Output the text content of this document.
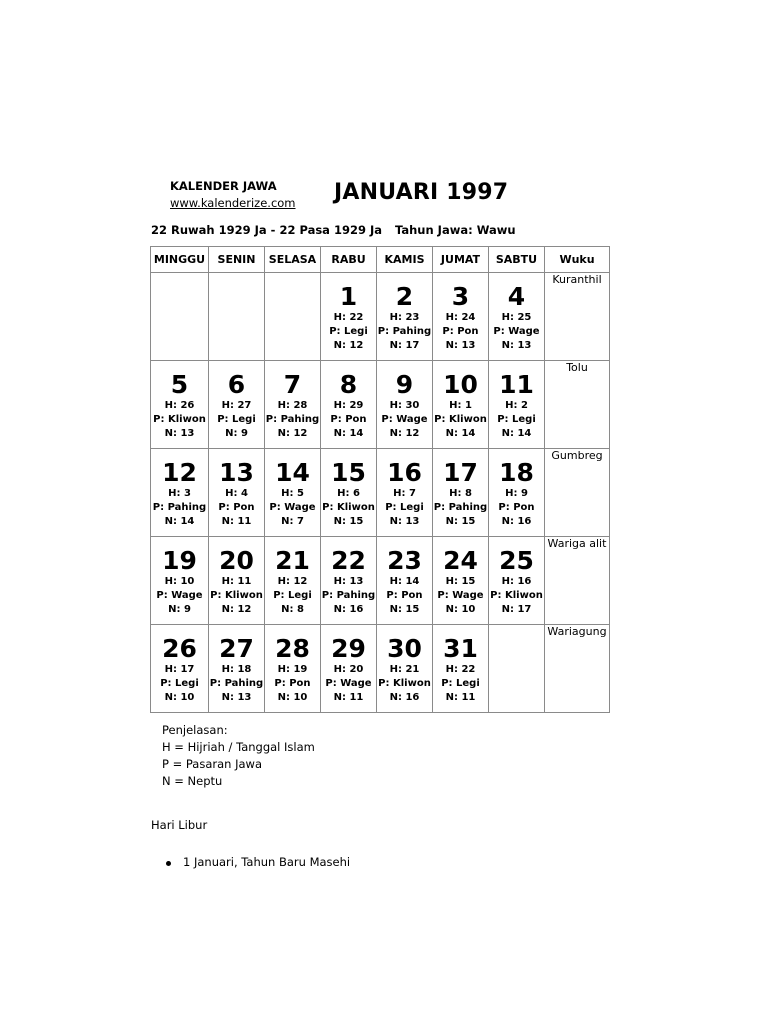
KALENDER JAWA
www.kalenderize.com JANUARI 1997
22 Ruwah 1929 Ja - 22 Pasa 1929 Ja Tahun Jawa: Wawu
MINGGU	SENIN	SELASA	RABU	KAMIS	JUMAT	SABTU	Wuku

			1
H: 22
P: Legi
N: 12	2
H: 23
P: Pahing
N: 17	3
H: 24
P: Pon
N: 13	4
H: 25
P: Wage
N: 13	Kuranthil

5
H: 26
P: Kliwon
N: 13	6
H: 27
P: Legi
N: 9	7
H: 28
P: Pahing
N: 12	8
H: 29
P: Pon
N: 14	9
H: 30
P: Wage
N: 12	10
H: 1
P: Kliwon
N: 14	11
H: 2
P: Legi
N: 14	Tolu

12
H: 3
P: Pahing
N: 14	13
H: 4
P: Pon
N: 11	14
H: 5
P: Wage
N: 7	15
H: 6
P: Kliwon
N: 15	16
H: 7
P: Legi
N: 13	17
H: 8
P: Pahing
N: 15	18
H: 9
P: Pon
N: 16	Gumbreg

19
H: 10
P: Wage
N: 9	20
H: 11
P: Kliwon
N: 12	21
H: 12
P: Legi
N: 8	22
H: 13
P: Pahing
N: 16	23
H: 14
P: Pon
N: 15	24
H: 15
P: Wage
N: 10	25
H: 16
P: Kliwon
N: 17	Wariga alit

26
H: 17
P: Legi
N: 10	27
H: 18
P: Pahing
N: 13	28
H: 19
P: Pon
N: 10	29
H: 20
P: Wage
N: 11	30
H: 21
P: Kliwon
N: 16	31
H: 22
P: Legi
N: 11		Wariagung
Penjelasan:
H = Hijriah / Tanggal Islam
P = Pasaran Jawa
N = Neptu
Hari Libur
1 Januari, Tahun Baru Masehi
